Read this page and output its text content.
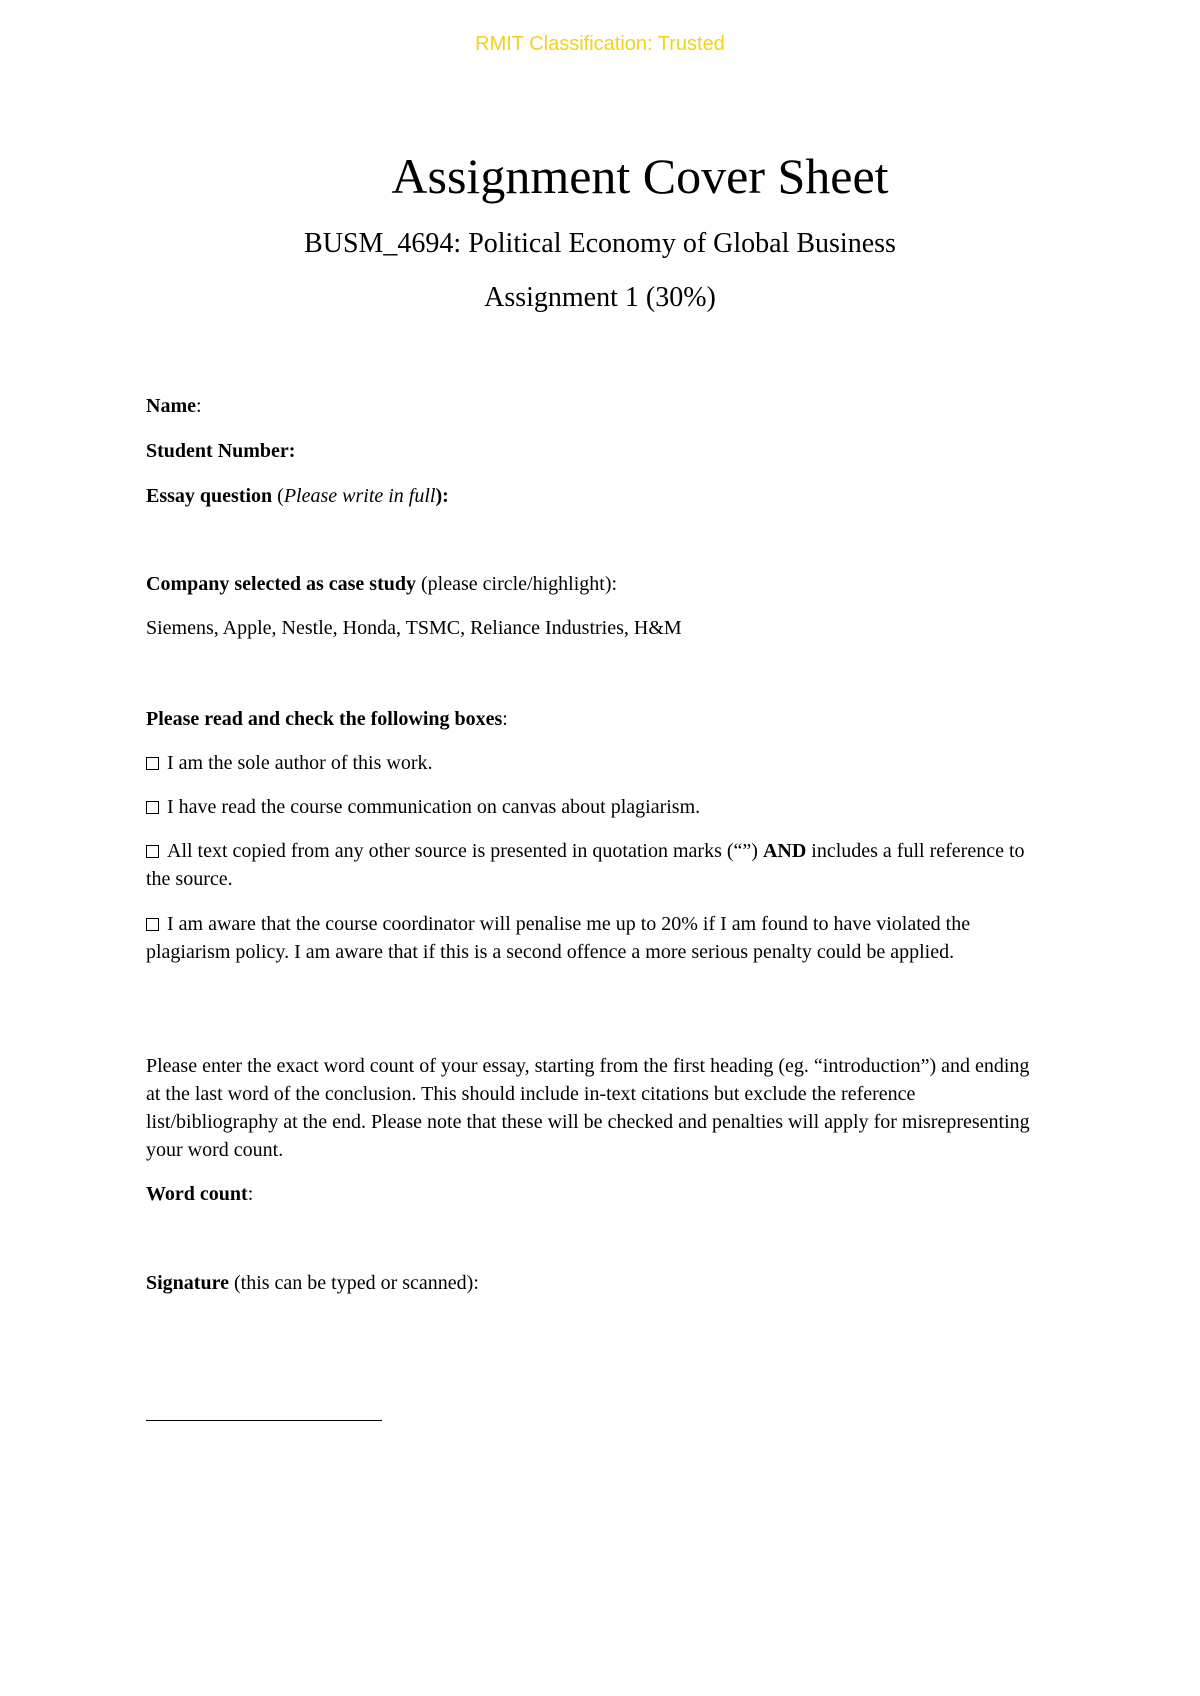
RMIT Classification: Trusted
Assignment Cover Sheet
BUSM_4694: Political Economy of Global Business
Assignment 1 (30%)
Name:
Student Number:
Essay question (Please write in full):
Company selected as case study (please circle/highlight):
Siemens, Apple, Nestle, Honda, TSMC, Reliance Industries, H&M
Please read and check the following boxes:
I am the sole author of this work.
I have read the course communication on canvas about plagiarism.
All text copied from any other source is presented in quotation marks (“”) AND includes a full reference to the source.
I am aware that the course coordinator will penalise me up to 20% if I am found to have violated the plagiarism policy. I am aware that if this is a second offence a more serious penalty could be applied.
Please enter the exact word count of your essay, starting from the first heading (eg. “introduction”) and ending at the last word of the conclusion. This should include in-text citations but exclude the reference list/bibliography at the end. Please note that these will be checked and penalties will apply for misrepresenting your word count.
Word count:
Signature (this can be typed or scanned):
